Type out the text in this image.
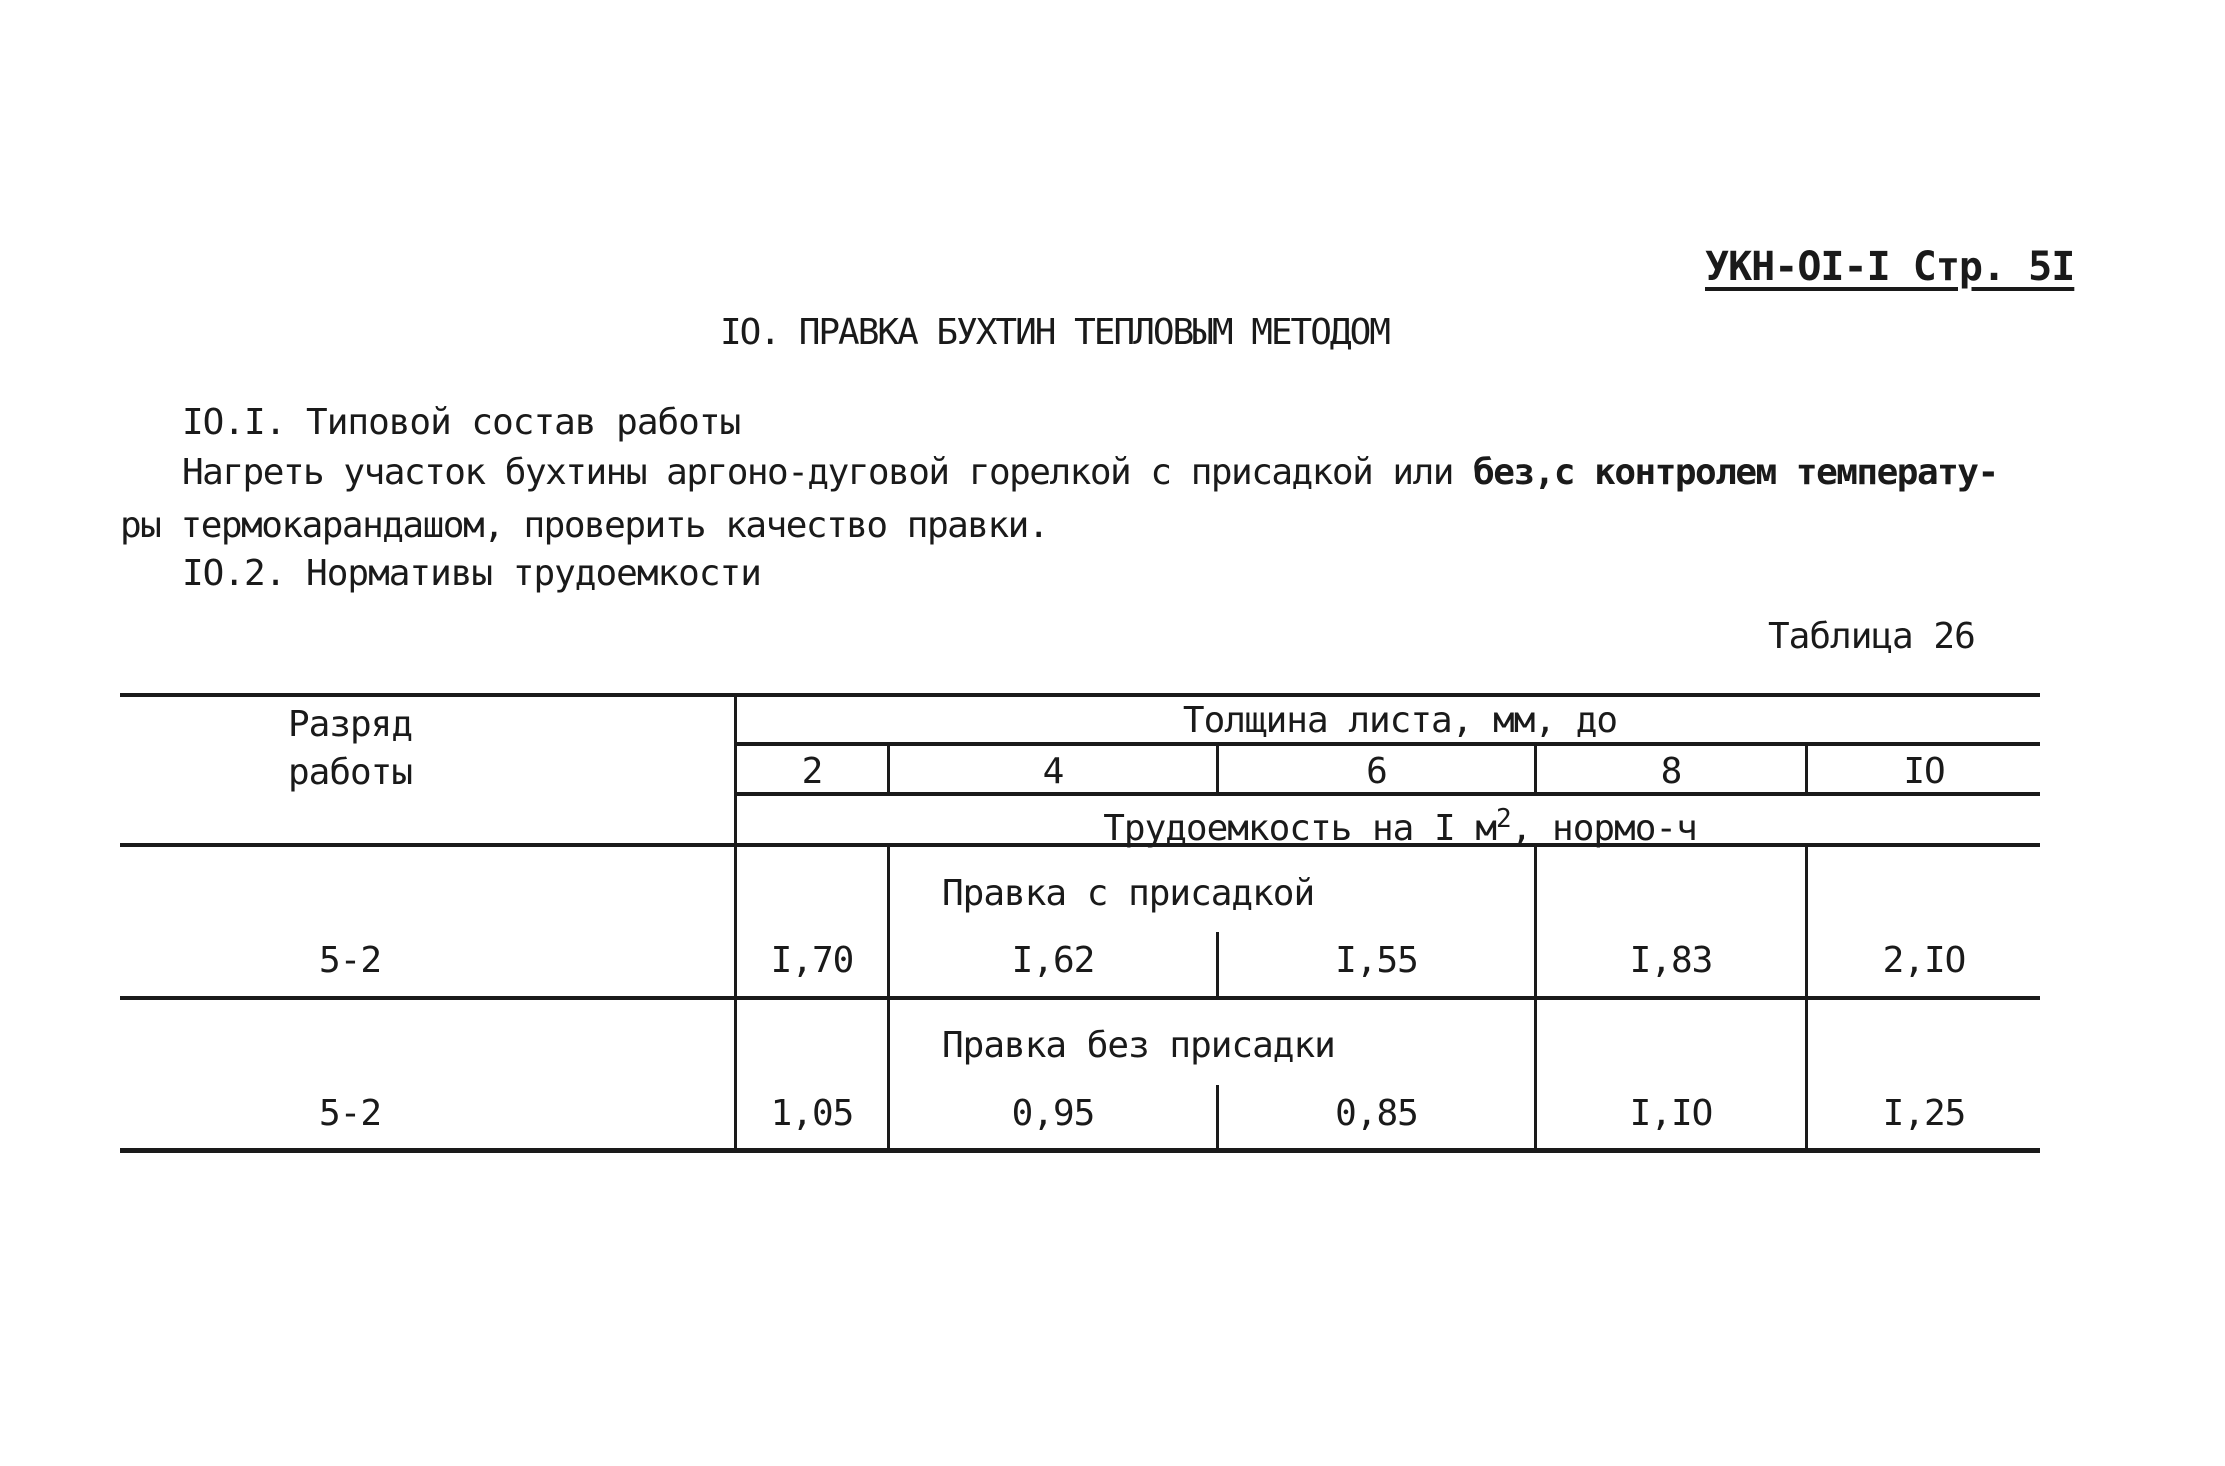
УКН-ОI-I Стр. 5I
IO. ПРАВКА БУХТИН ТЕПЛОВЫМ МЕТОДОМ
IO.I. Типовой состав работы
Нагреть участок бухтины аргоно-дуговой горелкой с присадкой или без,с контролем температу-
ры термокарандашом, проверить качество правки.
IO.2. Нормативы трудоемкости
Таблица 26
Разряд
работы
Толщина листа, мм, до
2	4	6	8	IO
Трудоемкость на I $м^2$, нормо-ч
Правка с присадкой
5-2	I,70	I,62	I,55	I,83	2,IO
Правка без присадки
5-2	1,05	0,95	0,85	I,IO	I,25
